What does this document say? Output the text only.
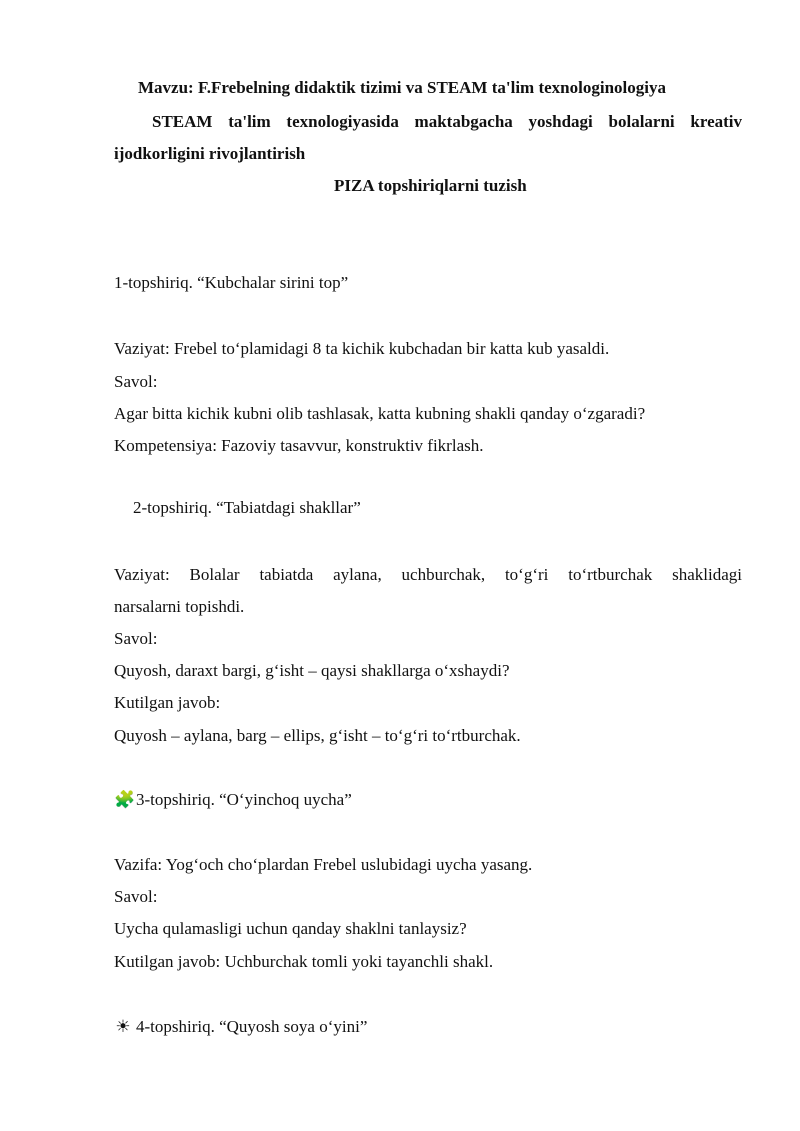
Mavzu: F.Frebelning didaktik tizimi va STEAM ta'lim texnologinologiya
STEAM ta'lim texnologiyasida maktabgacha yoshdagi bolalarni kreativ
ijodkorligini rivojlantirish
PIZA topshiriqlarni tuzish
1-topshiriq. “Kubchalar sirini top”
Vaziyat: Frebel to‘plamidagi 8 ta kichik kubchadan bir katta kub yasaldi.
Savol:
Agar bitta kichik kubni olib tashlasak, katta kubning shakli qanday o‘zgaradi?
Kompetensiya: Fazoviy tasavvur, konstruktiv fikrlash.
2-topshiriq. “Tabiatdagi shakllar”
Vaziyat: Bolalar tabiatda aylana, uchburchak, to‘g‘ri to‘rtburchak shaklidagi
narsalarni topishdi.
Savol:
Quyosh, daraxt bargi, g‘isht – qaysi shakllarga o‘xshaydi?
Kutilgan javob:
Quyosh – aylana, barg – ellips, g‘isht – to‘g‘ri to‘rtburchak.
🧩3-topshiriq. “O‘yinchoq uycha”
Vazifa: Yog‘och cho‘plardan Frebel uslubidagi uycha yasang.
Savol:
Uycha qulamasligi uchun qanday shaklni tanlaysiz?
Kutilgan javob: Uchburchak tomli yoki tayanchli shakl.
☀ 4-topshiriq. “Quyosh soya o‘yini”
